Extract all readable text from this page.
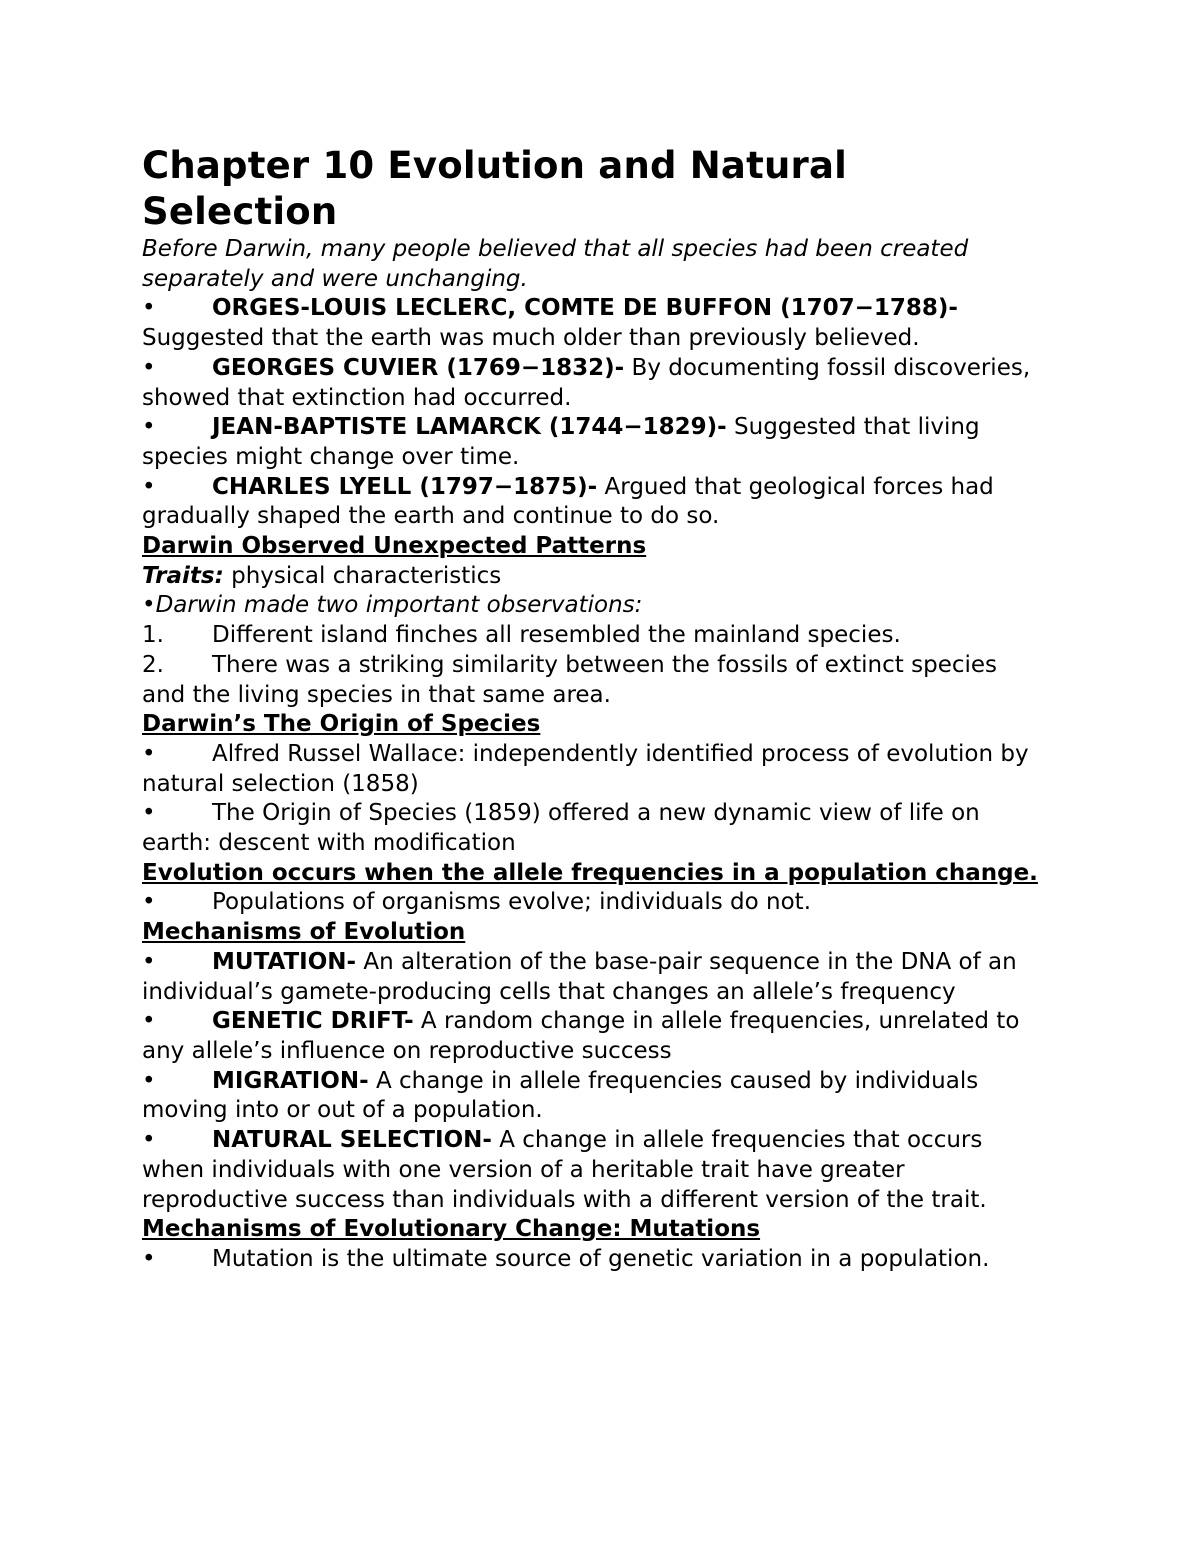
Chapter 10 Evolution and Natural Selection

Before Darwin, many people believed that all species had been created separately and were unchanging.

• ORGES-LOUIS LECLERC, COMTE DE BUFFON (1707−1788)- Suggested that the earth was much older than previously believed.

• GEORGES CUVIER (1769−1832)- By documenting fossil discoveries, showed that extinction had occurred.

• JEAN-BAPTISTE LAMARCK (1744−1829)- Suggested that living species might change over time.

• CHARLES LYELL (1797−1875)- Argued that geological forces had gradually shaped the earth and continue to do so.

Darwin Observed Unexpected Patterns

Traits: physical characteristics

•Darwin made two important observations:

1. Different island finches all resembled the mainland species.

2. There was a striking similarity between the fossils of extinct species and the living species in that same area.

Darwin’s The Origin of Species

• Alfred Russel Wallace: independently identified process of evolution by natural selection (1858)

• The Origin of Species (1859) offered a new dynamic view of life on earth: descent with modification

Evolution occurs when the allele frequencies in a population change.

• Populations of organisms evolve; individuals do not.

Mechanisms of Evolution

• MUTATION- An alteration of the base-pair sequence in the DNA of an individual’s gamete-producing cells that changes an allele’s frequency

• GENETIC DRIFT- A random change in allele frequencies, unrelated to any allele’s influence on reproductive success

• MIGRATION- A change in allele frequencies caused by individuals moving into or out of a population.

• NATURAL SELECTION- A change in allele frequencies that occurs when individuals with one version of a heritable trait have greater reproductive success than individuals with a different version of the trait.

Mechanisms of Evolutionary Change: Mutations

• Mutation is the ultimate source of genetic variation in a population.
